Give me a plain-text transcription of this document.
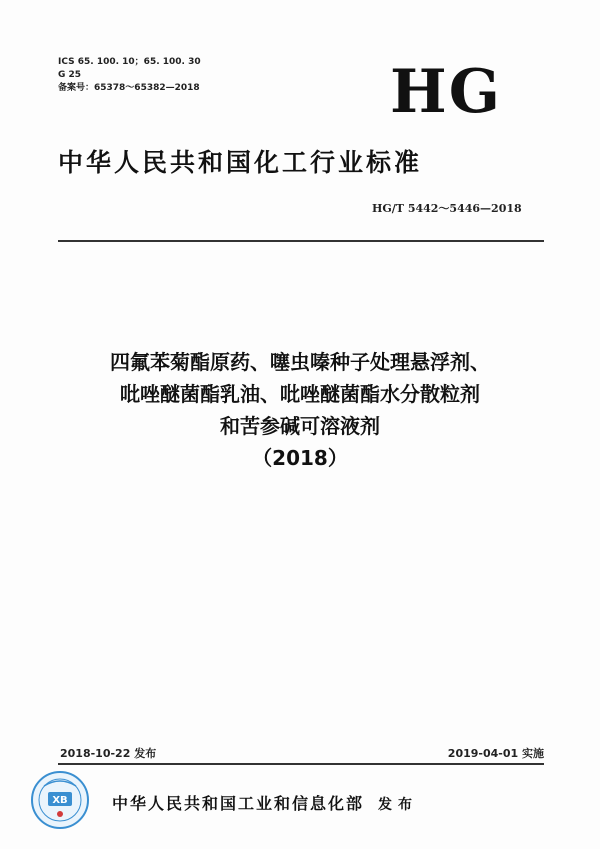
ICS 65. 100. 10；65. 100. 30
G 25
备案号：65378～65382—2018	HG
中华人民共和国化工行业标准
HG/T 5442～5446—2018
四氟苯菊酯原药、噻虫嗪种子处理悬浮剂、
吡唑醚菌酯乳油、吡唑醚菌酯水分散粒剂
和苦参碱可溶液剂
（2018）
2018-10-22 发布	2019-04-01 实施
XB	中华人民共和国工业和信息化部 发布
